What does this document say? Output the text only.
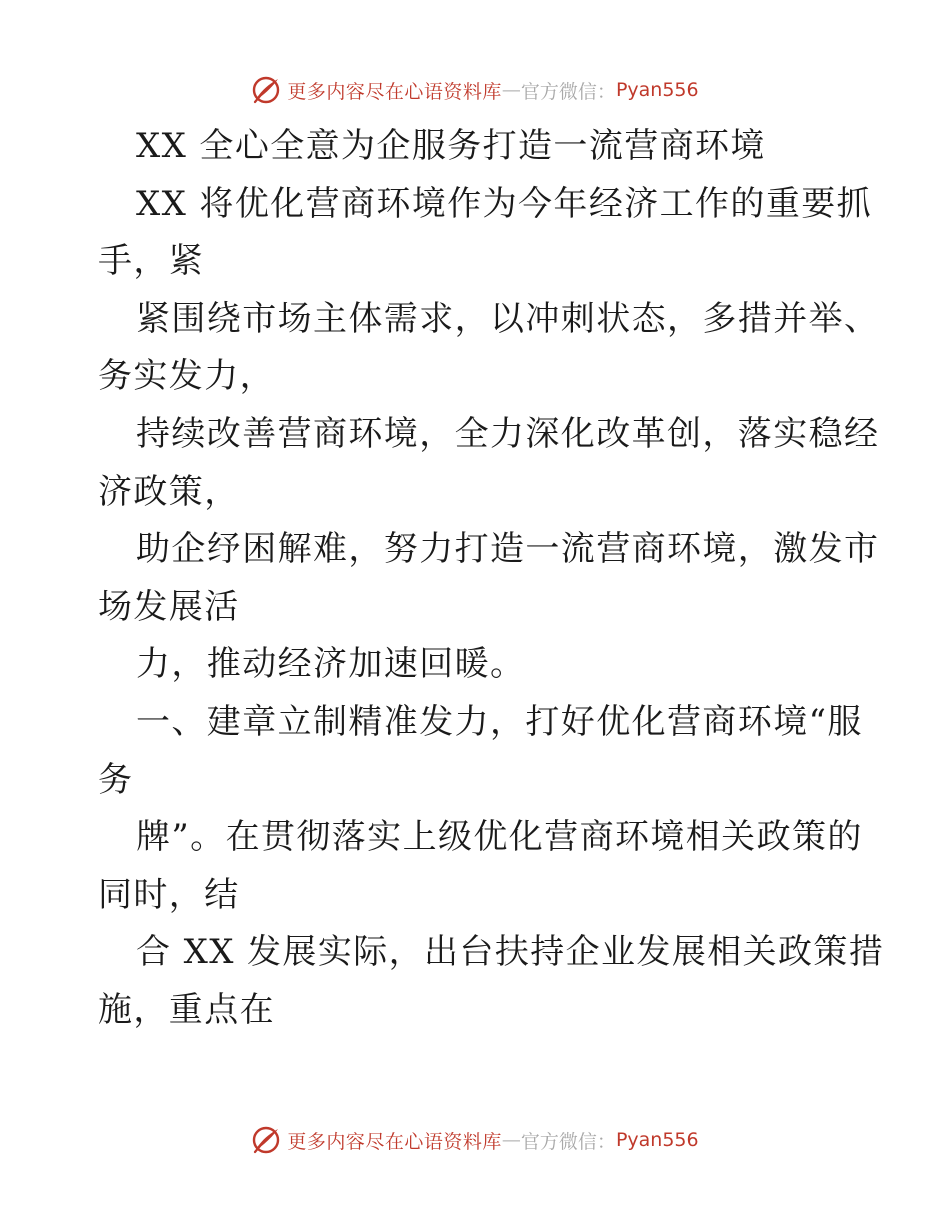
更多内容尽在心语资料库 — 官方微信： Pyan556
XX 全心全意为企服务打造一流营商环境
XX 将优化营商环境作为今年经济工作的重要抓
手，紧
紧围绕市场主体需求，以冲刺状态，多措并举、
务实发力，
持续改善营商环境，全力深化改革创，落实稳经
济政策，
助企纾困解难，努力打造一流营商环境，激发市
场发展活
力，推动经济加速回暖。
一、建章立制精准发力，打好优化营商环境“服
务
牌”。在贯彻落实上级优化营商环境相关政策的
同时，结
合 XX 发展实际，出台扶持企业发展相关政策措
施，重点在
更多内容尽在心语资料库 — 官方微信： Pyan556
